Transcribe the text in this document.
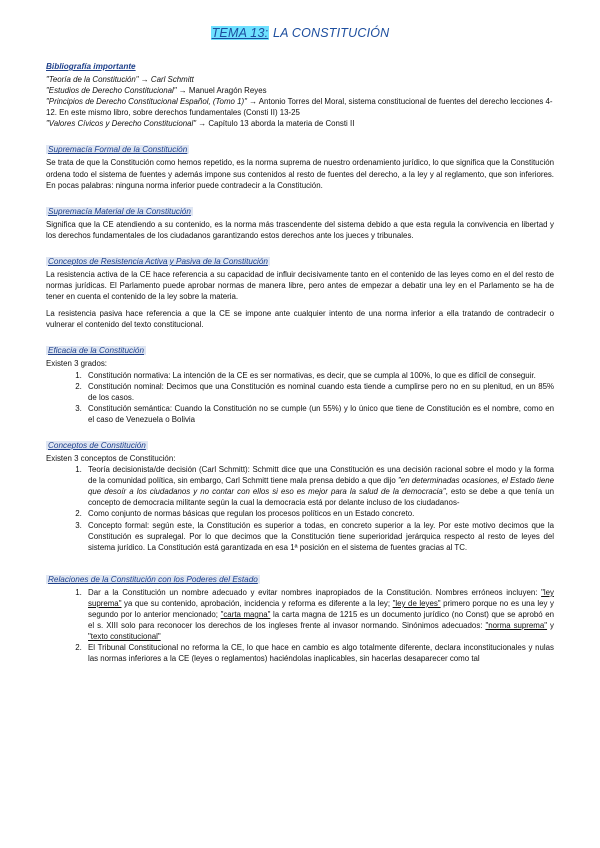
TEMA 13: LA CONSTITUCIÓN
Bibliografía importante

"Teoría de la Constitución" → Carl Schmitt

"Estudios de Derecho Constitucional" → Manuel Aragón Reyes

"Principios de Derecho Constitucional Español, (Tomo 1)" → Antonio Torres del Moral, sistema constitucional de fuentes del derecho lecciones 4-12. En este mismo libro, sobre derechos fundamentales (Consti II) 13-25

"Valores Cívicos y Derecho Constitucional" → Capítulo 13 aborda la materia de Consti II

Supremacía Formal de la Constitución

Se trata de que la Constitución como hemos repetido, es la norma suprema de nuestro ordenamiento jurídico, lo que significa que la Constitución ordena todo el sistema de fuentes y además impone sus contenidos al resto de fuentes del derecho, a la ley y al reglamento, que son inferiores. En pocas palabras: ninguna norma inferior puede contradecir a la Constitución.

Supremacía Material de la Constitución

Significa que la CE atendiendo a su contenido, es la norma más trascendente del sistema debido a que esta regula la convivencia en libertad y los derechos fundamentales de los ciudadanos garantizando estos derechos ante los jueces y tribunales.

Conceptos de Resistencia Activa y Pasiva de la Constitución

La resistencia activa de la CE hace referencia a su capacidad de influir decisivamente tanto en el contenido de las leyes como en el del resto de normas jurídicas. El Parlamento puede aprobar normas de manera libre, pero antes de empezar a debatir una ley en el Parlamento se ha de tener en cuenta el contenido de la ley sobre la materia.

La resistencia pasiva hace referencia a que la CE se impone ante cualquier intento de una norma inferior a ella tratando de contradecir o vulnerar el contenido del texto constitucional.

Eficacia de la Constitución

Existen 3 grados:

1. Constitución normativa: La intención de la CE es ser normativas, es decir, que se cumpla al 100%, lo que es difícil de conseguir.
2. Constitución nominal: Decimos que una Constitución es nominal cuando esta tiende a cumplirse pero no en su plenitud, en un 85% de los casos.
3. Constitución semántica: Cuando la Constitución no se cumple (un 55%) y lo único que tiene de Constitución es el nombre, como en el caso de Venezuela o Bolivia
Conceptos de Constitución

Existen 3 conceptos de Constitución:

1. Teoría decisionista/de decisión (Carl Schmitt): Schmitt dice que una Constitución es una decisión racional sobre el modo y la forma de la comunidad política, sin embargo, Carl Schmitt tiene mala prensa debido a que dijo "en determinadas ocasiones, el Estado tiene que desoír a los ciudadanos y no contar con ellos si eso es mejor para la salud de la democracia", esto se debe a que tenía un concepto de democracia militante según la cual la democracia está por delante incluso de los ciudadanos-
2. Como conjunto de normas básicas que regulan los procesos políticos en un Estado concreto.
3. Concepto formal: según este, la Constitución es superior a todas, en concreto superior a la ley. Por este motivo decimos que la Constitución es supralegal. Por lo que decimos que la Constitución tiene superioridad jerárquica respecto al resto de leyes del sistema jurídico. La Constitución está garantizada en esa 1ª posición en el sistema de fuentes gracias al TC.
Relaciones de la Constitución con los Poderes del Estado
1. Dar a la Constitución un nombre adecuado y evitar nombres inapropiados de la Constitución. Nombres erróneos incluyen: "ley suprema" ya que su contenido, aprobación, incidencia y reforma es diferente a la ley; "ley de leyes" primero porque no es una ley y segundo por lo anterior mencionado; "carta magna" la carta magna de 1215 es un documento jurídico (no Const) que se aprobó en el s. XIII solo para reconocer los derechos de los ingleses frente al invasor normando. Sinónimos adecuados: "norma suprema" y "texto constitucional"
2. El Tribunal Constitucional no reforma la CE, lo que hace en cambio es algo totalmente diferente, declara inconstitucionales y nulas las normas inferiores a la CE (leyes o reglamentos) haciéndolas inaplicables, sin hacerlas desaparecer como tal
